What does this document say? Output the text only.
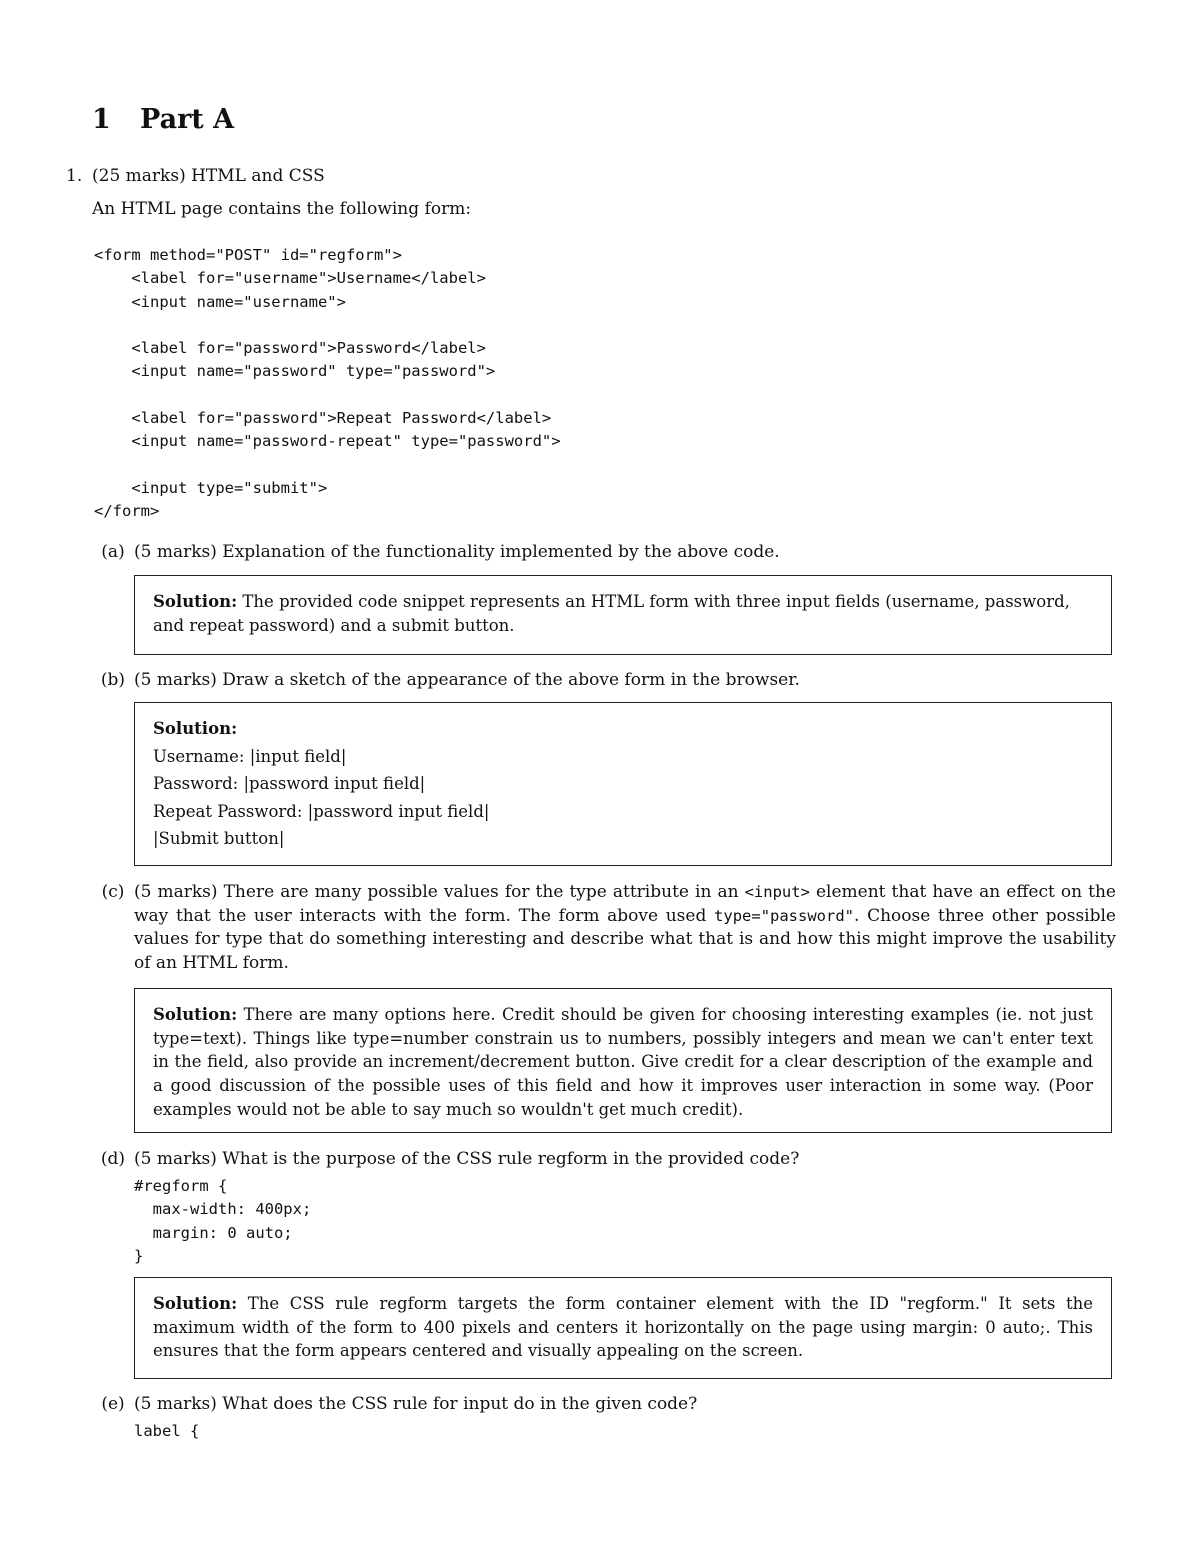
1 Part A
1. (25 marks) HTML and CSS
An HTML page contains the following form:
<form method="POST" id="regform">
<label for="username">Username</label>
<input name="username">

<label for="password">Password</label>
<input name="password" type="password">

<label for="password">Repeat Password</label>
<input name="password-repeat" type="password">

<input type="submit">
</form>
(a) (5 marks) Explanation of the functionality implemented by the above code.
Solution: The provided code snippet represents an HTML form with three input fields (username, password, and repeat password) and a submit button.
(b) (5 marks) Draw a sketch of the appearance of the above form in the browser.
Solution:
Username: |input field|
Password: |password input field|
Repeat Password: |password input field|
|Submit button|
(c) (5 marks) There are many possible values for the type attribute in an <input> element that have an effect on the way that the user interacts with the form. The form above used type="password". Choose three other possible values for type that do something interesting and describe what that is and how this might improve the usability of an HTML form.
Solution: There are many options here. Credit should be given for choosing interesting examples (ie. not just type=text). Things like type=number constrain us to numbers, possibly integers and mean we can't enter text in the field, also provide an increment/decrement button. Give credit for a clear description of the example and a good discussion of the possible uses of this field and how it improves user interaction in some way. (Poor examples would not be able to say much so wouldn't get much credit).
(d) (5 marks) What is the purpose of the CSS rule regform in the provided code?
#regform {
max-width: 400px;
margin: 0 auto;
}
Solution: The CSS rule regform targets the form container element with the ID "regform." It sets the maximum width of the form to 400 pixels and centers it horizontally on the page using margin: 0 auto;. This ensures that the form appears centered and visually appealing on the screen.
(e) (5 marks) What does the CSS rule for input do in the given code?
label {
